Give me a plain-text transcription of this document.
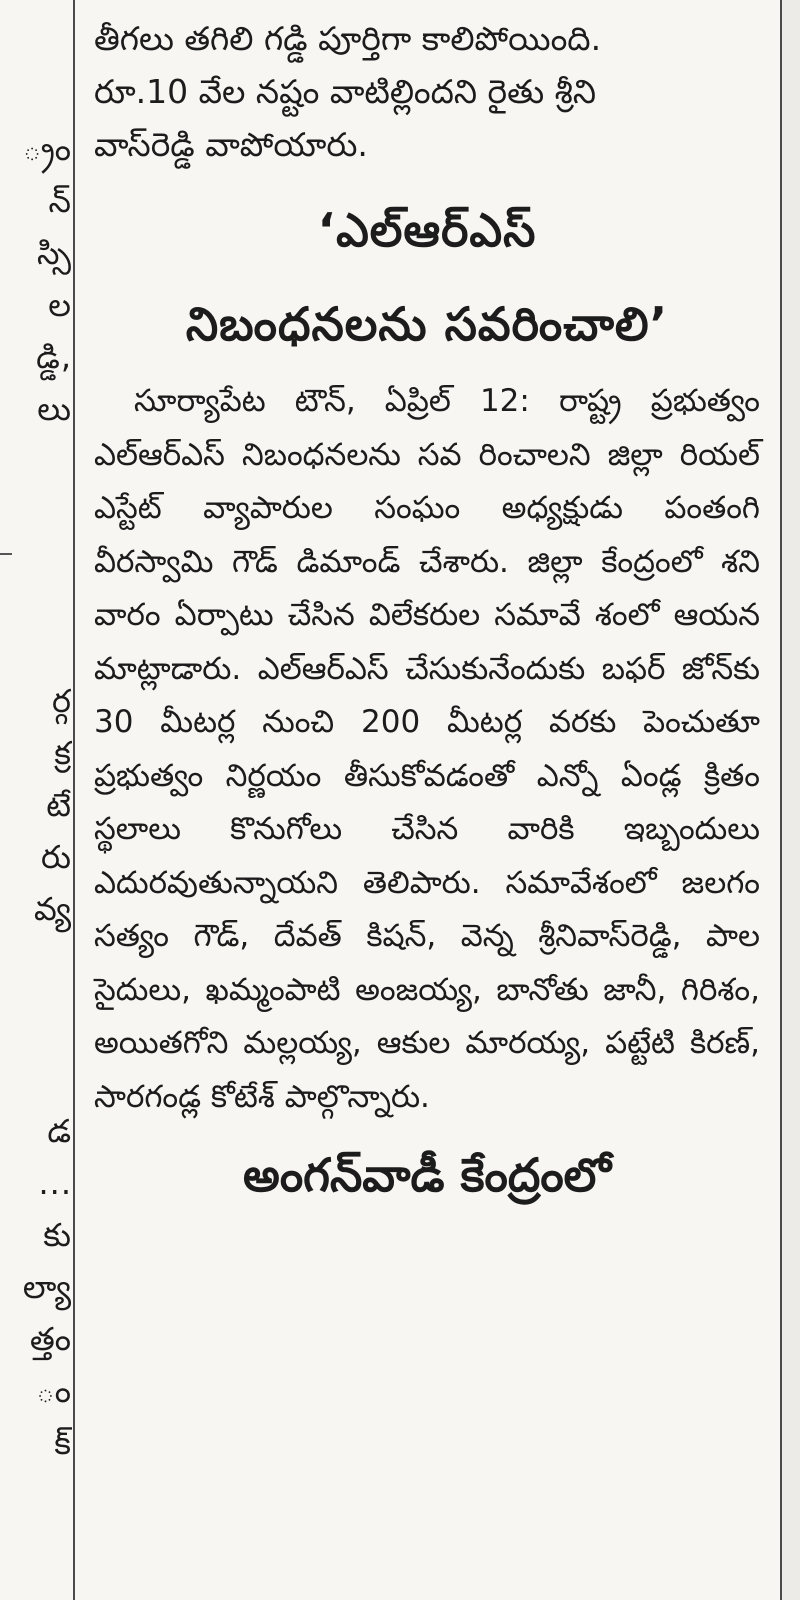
్రం
న్
స్సి
ల
డ్డి,
లు
ర్గ
క్ర
టే
రు
వ్య
డ
...
కు
ల్యా
త్తం
ం
క్

తీగలు తగిలి గడ్డి పూర్తిగా కాలిపోయింది.

రూ.10 వేల నష్టం వాటిల్లిందని రైతు శ్రీని

వాస్‌రెడ్డి వాపోయారు.

‘ఎల్‌ఆర్‌ఎస్‌
నిబంధనలను సవరించాలి’

సూర్యాపేట టౌన్‌, ఏప్రిల్‌ 12: రాష్ట్ర ప్రభుత్వం ఎల్‌ఆర్‌ఎస్‌ నిబంధనలను సవ రించాలని జిల్లా రియల్‌ ఎస్టేట్‌ వ్యాపారుల సంఘం అధ్యక్షుడు పంతంగి వీరస్వామి గౌడ్‌ డిమాండ్‌ చేశారు. జిల్లా కేంద్రంలో శని వారం ఏర్పాటు చేసిన విలేకరుల సమావే శంలో ఆయన మాట్లాడారు. ఎల్‌ఆర్‌ఎస్‌ చేసుకునేందుకు బఫర్‌ జోన్‌కు 30 మీటర్ల నుంచి 200 మీటర్ల వరకు పెంచుతూ ప్రభుత్వం నిర్ణయం తీసుకోవడంతో ఎన్నో ఏండ్ల క్రితం స్థలాలు కొనుగోలు చేసిన వారికి ఇబ్బందులు ఎదురవుతున్నాయని తెలిపారు. సమావేశంలో జలగం సత్యం గౌడ్‌, దేవత్‌ కిషన్‌, వెన్న శ్రీనివాస్‌రెడ్డి, పాల సైదులు, ఖమ్మంపాటి అంజయ్య, బానోతు జానీ, గిరిశం, అయితగోని మల్లయ్య, ఆకుల మారయ్య, పట్టేటి కిరణ్‌, సారగండ్ల కోటేశ్‌ పాల్గొన్నారు.

అంగన్‌వాడీ కేంద్రంలో
